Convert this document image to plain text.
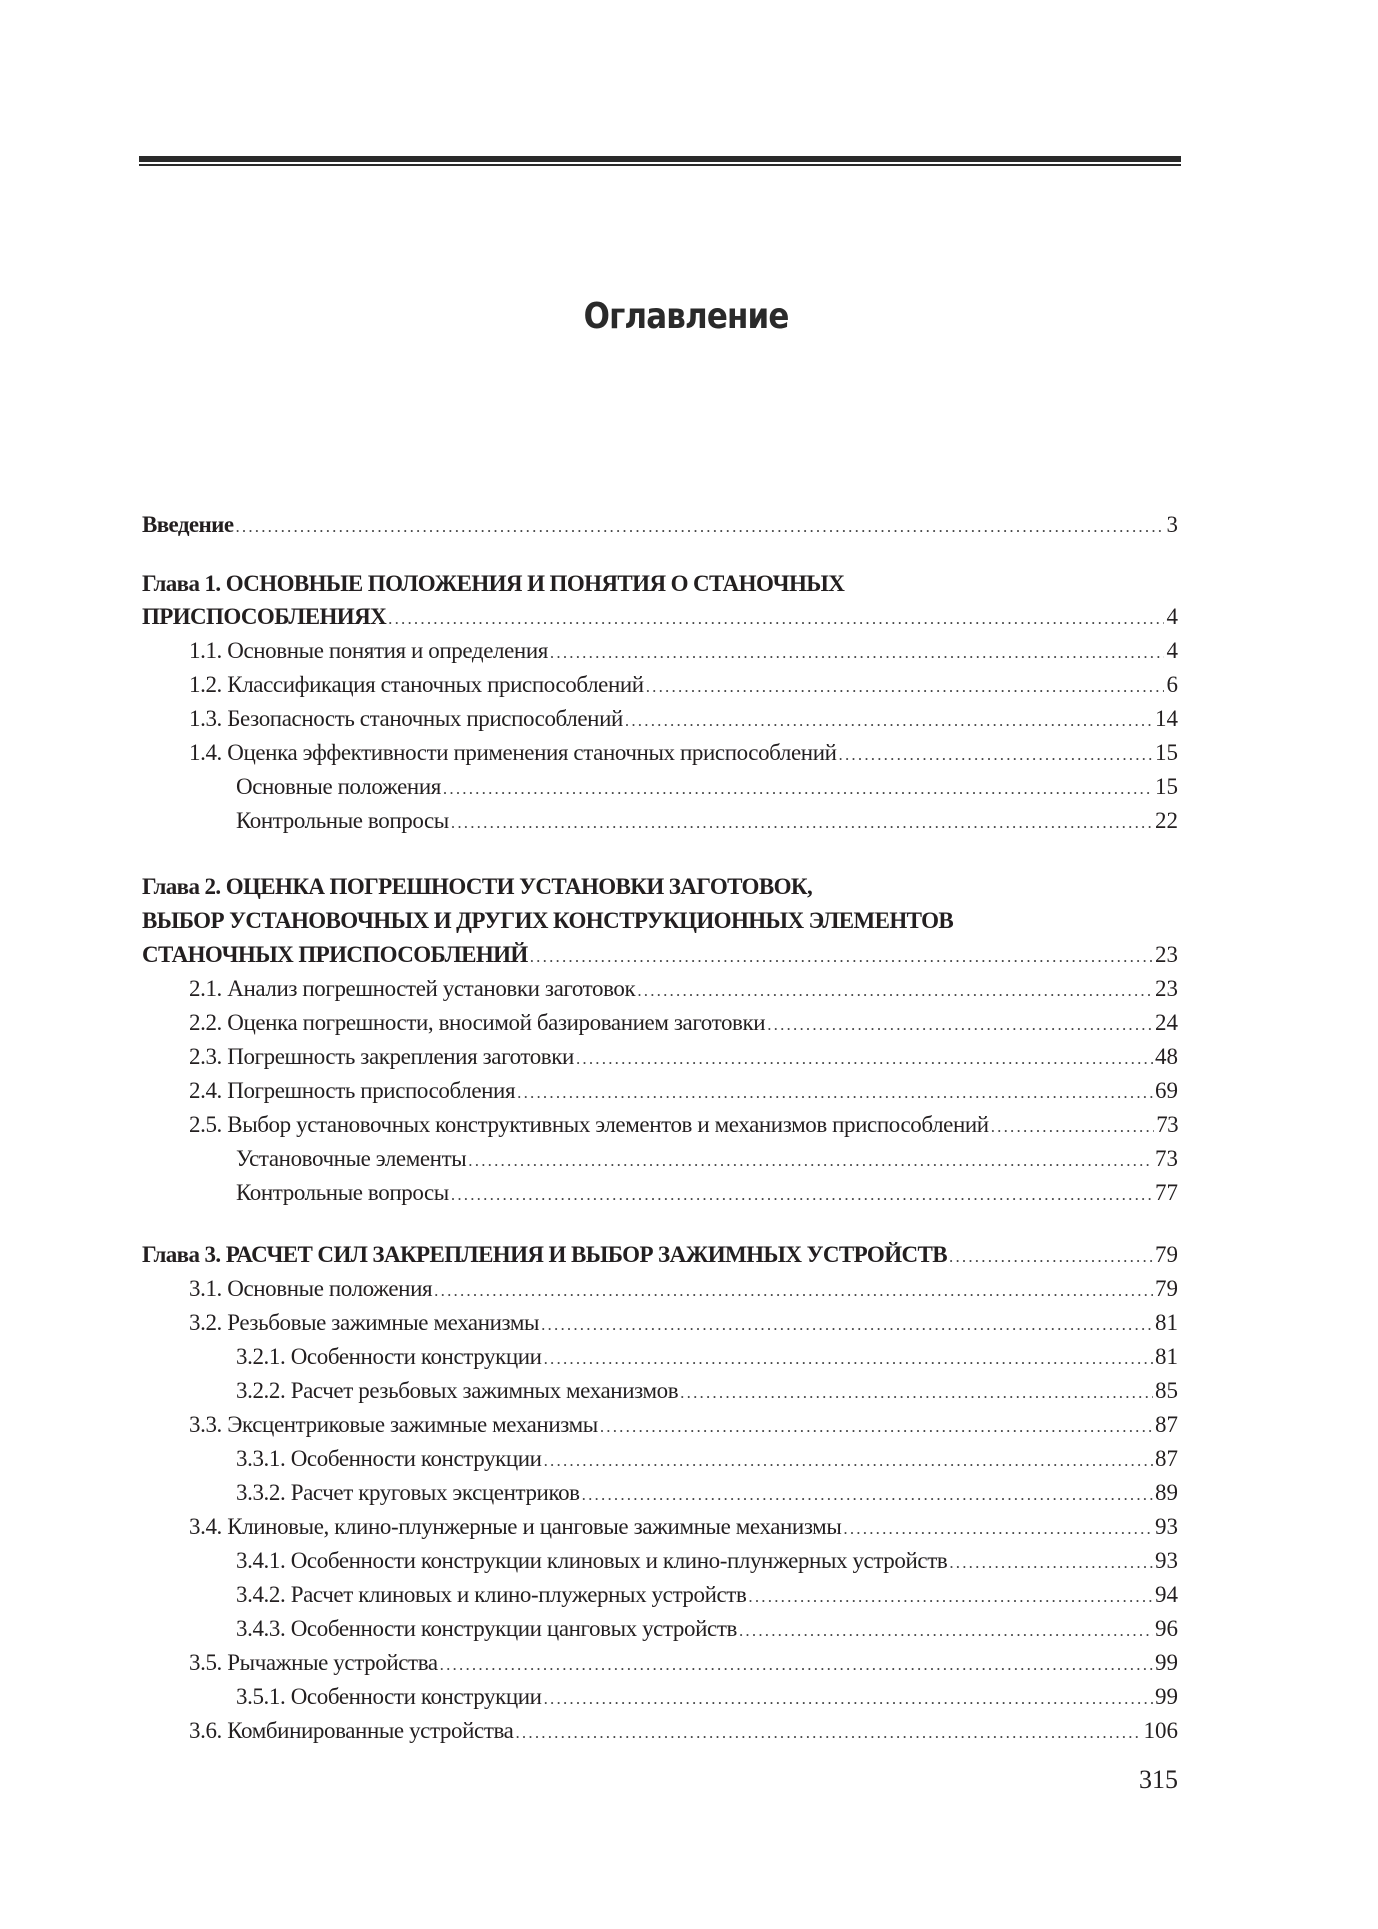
Оглавление
Введение .....	3
Глава 1. ОСНОВНЫЕ ПОЛОЖЕНИЯ И ПОНЯТИЯ О СТАНОЧНЫХ
ПРИСПОСОБЛЕНИЯХ .....	4
1.1. Основные понятия и определения .....	4
1.2. Классификация станочных приспособлений .....	6
1.3. Безопасность станочных приспособлений .....	14
1.4. Оценка эффективности применения станочных приспособлений .....	15
Основные положения .....	15
Контрольные вопросы .....	22
Глава 2. ОЦЕНКА ПОГРЕШНОСТИ УСТАНОВКИ ЗАГОТОВОК,
ВЫБОР УСТАНОВОЧНЫХ И ДРУГИХ КОНСТРУКЦИОННЫХ ЭЛЕМЕНТОВ
СТАНОЧНЫХ ПРИСПОСОБЛЕНИЙ .....	23
2.1. Анализ погрешностей установки заготовок .....	23
2.2. Оценка погрешности, вносимой базированием заготовки .....	24
2.3. Погрешность закрепления заготовки .....	48
2.4. Погрешность приспособления .....	69
2.5. Выбор установочных конструктивных элементов и механизмов приспособлений .....	73
Установочные элементы .....	73
Контрольные вопросы .....	77
Глава 3. РАСЧЕТ СИЛ ЗАКРЕПЛЕНИЯ И ВЫБОР ЗАЖИМНЫХ УСТРОЙСТВ .....	79
3.1. Основные положения .....	79
3.2. Резьбовые зажимные механизмы .....	81
3.2.1. Особенности конструкции .....	81
3.2.2. Расчет резьбовых зажимных механизмов .....	85
3.3. Эксцентриковые зажимные механизмы .....	87
3.3.1. Особенности конструкции .....	87
3.3.2. Расчет круговых эксцентриков .....	89
3.4. Клиновые, клино-плунжерные и цанговые зажимные механизмы .....	93
3.4.1. Особенности конструкции клиновых и клино-плунжерных устройств .....	93
3.4.2. Расчет клиновых и клино-плужерных устройств .....	94
3.4.3. Особенности конструкции цанговых устройств .....	96
3.5. Рычажные устройства .....	99
3.5.1. Особенности конструкции .....	99
3.6. Комбинированные устройства .....	106
315
